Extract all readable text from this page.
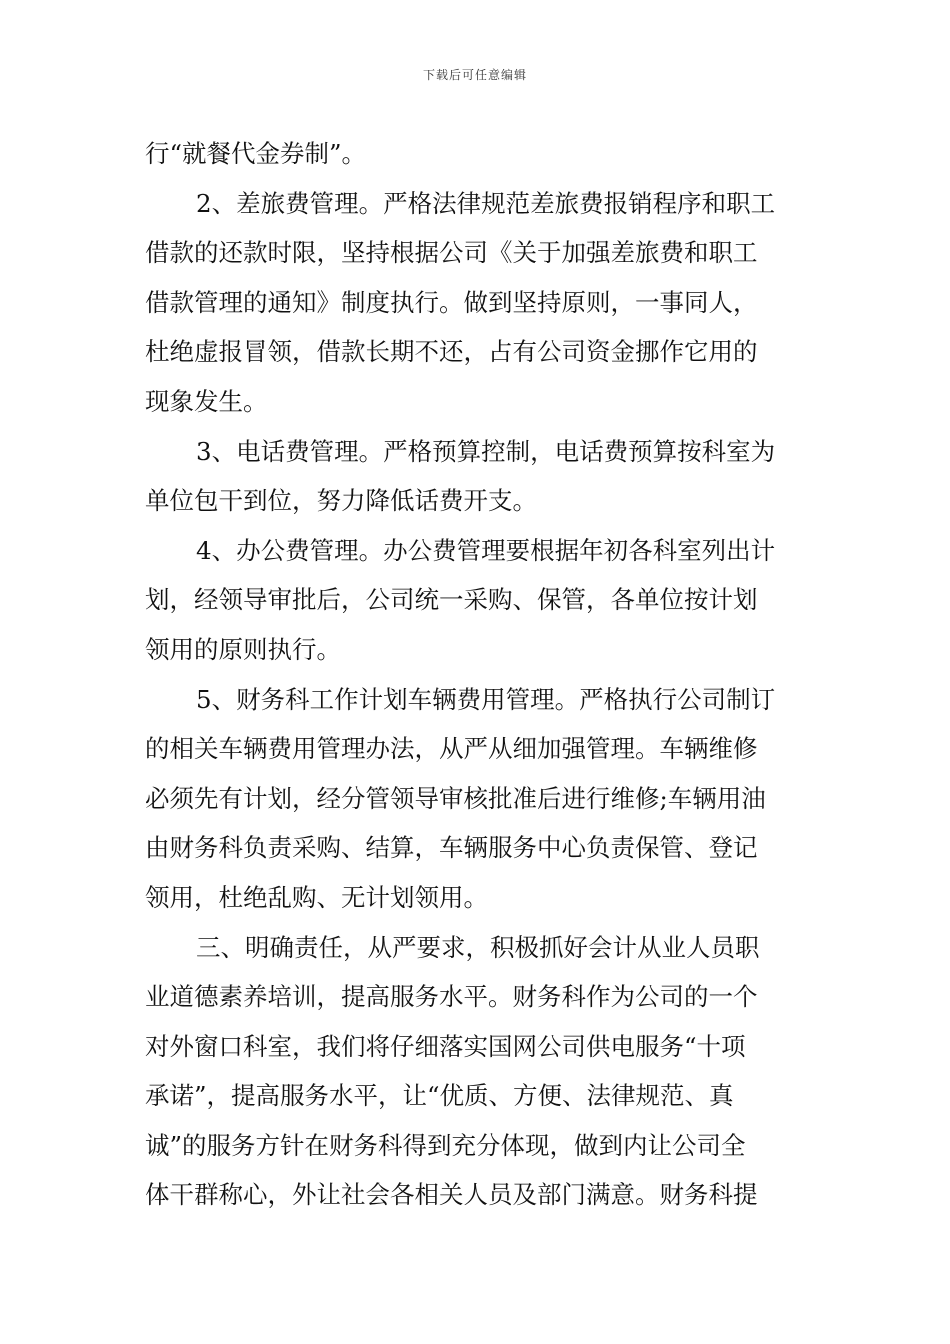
下载后可任意编辑
行“就餐代金券制”。
2、差旅费管理。严格法律规范差旅费报销程序和职工
借款的还款时限，坚持根据公司《关于加强差旅费和职工
借款管理的通知》制度执行。做到坚持原则，一事同人，
杜绝虚报冒领，借款长期不还，占有公司资金挪作它用的
现象发生。
3、电话费管理。严格预算控制，电话费预算按科室为
单位包干到位，努力降低话费开支。
4、办公费管理。办公费管理要根据年初各科室列出计
划，经领导审批后，公司统一采购、保管，各单位按计划
领用的原则执行。
5、财务科工作计划车辆费用管理。严格执行公司制订
的相关车辆费用管理办法，从严从细加强管理。车辆维修
必须先有计划，经分管领导审核批准后进行维修;车辆用油
由财务科负责采购、结算，车辆服务中心负责保管、登记
领用，杜绝乱购、无计划领用。
三、明确责任，从严要求，积极抓好会计从业人员职
业道德素养培训，提高服务水平。财务科作为公司的一个
对外窗口科室，我们将仔细落实国网公司供电服务“十项
承诺”，提高服务水平，让“优质、方便、法律规范、真
诚”的服务方针在财务科得到充分体现，做到内让公司全
体干群称心，外让社会各相关人员及部门满意。财务科提
